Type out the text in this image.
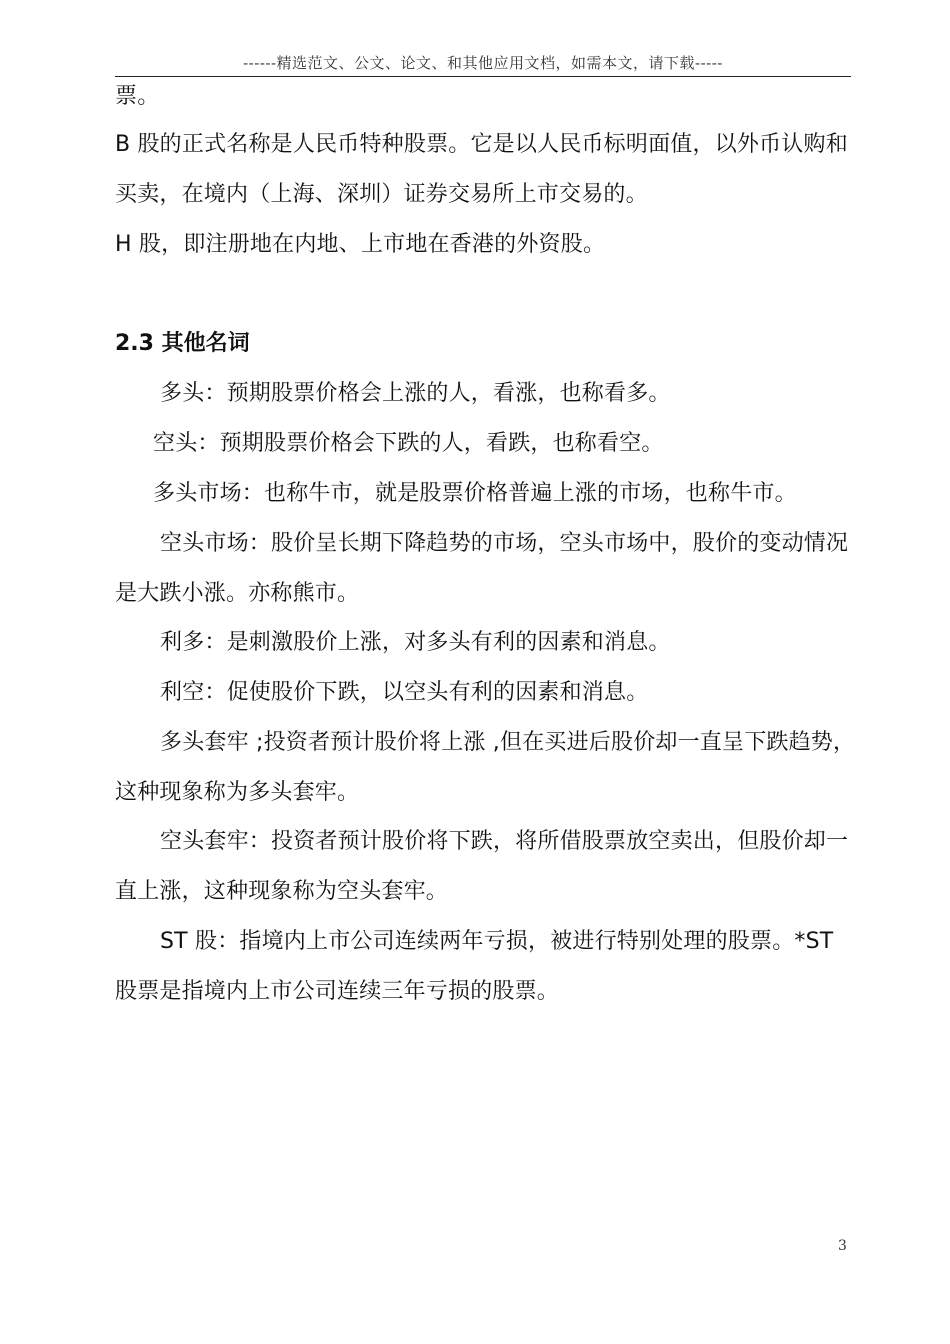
------精选范文、公文、论文、和其他应用文档，如需本文，请下载-----
票。
B 股的正式名称是人民币特种股票。它是以人民币标明面值，以外币认购和
买卖，在境内（上海、深圳）证券交易所上市交易的。
H 股，即注册地在内地、上市地在香港的外资股。
2.3 其他名词
多头：预期股票价格会上涨的人，看涨，也称看多。
空头：预期股票价格会下跌的人，看跌，也称看空。
多头市场：也称牛市，就是股票价格普遍上涨的市场，也称牛市。
空头市场：股价呈长期下降趋势的市场，空头市场中，股价的变动情况
是大跌小涨。亦称熊市。
利多：是刺激股价上涨，对多头有利的因素和消息。
利空：促使股价下跌，以空头有利的因素和消息。
多头套牢 ;投资者预计股价将上涨 ,但在买进后股价却一直呈下跌趋势，
这种现象称为多头套牢。
空头套牢：投资者预计股价将下跌，将所借股票放空卖出，但股价却一
直上涨，这种现象称为空头套牢。
ST 股：指境内上市公司连续两年亏损，被进行特别处理的股票。*ST
股票是指境内上市公司连续三年亏损的股票。
3
